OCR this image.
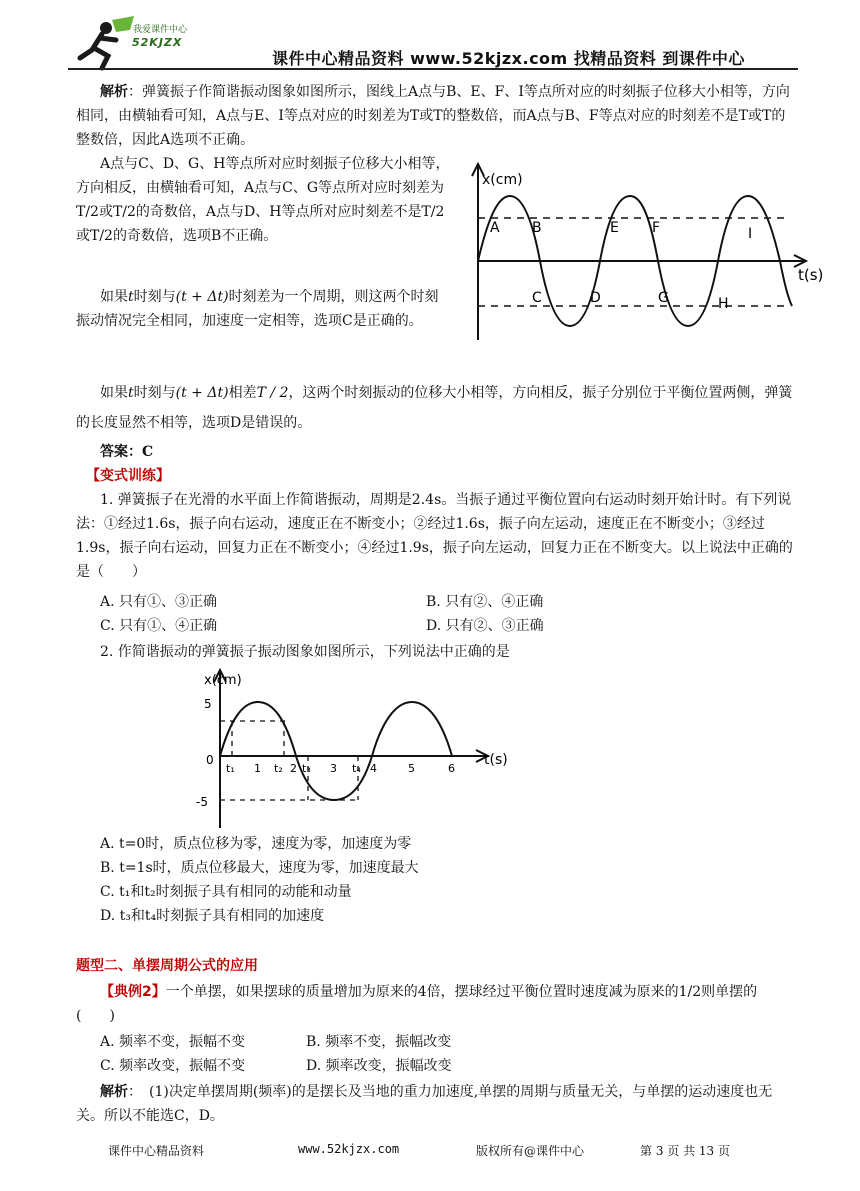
我爱课件中心
52KJZX
课件中心精品资料 www.52kjzx.com 找精品资料 到课件中心
解析：弹簧振子作简谐振动图象如图所示，图线上A点与B、E、F、I等点所对应的时刻振子位移大小相等，方向相同，由横轴看可知，A点与E、I等点对应的时刻差为T或T的整数倍，而A点与B、F等点对应的时刻差不是T或T的整数倍，因此A选项不正确。
A点与C、D、G、H等点所对应时刻振子位移大小相等，方向相反，由横轴看可知，A点与C、G等点所对应时刻差为T/2或T/2的奇数倍，A点与D、H等点所对应时刻差不是T/2或T/2的奇数倍，选项B不正确。
如果t时刻与(t + Δt)时刻差为一个周期，则这两个时刻振动情况完全相同，加速度一定相等，选项C是正确的。
x(cm)
t(s)
A B	E F	I
C	D	G	H
如果t时刻与(t + Δt)相差T / 2，这两个时刻振动的位移大小相等，方向相反，振子分别位于平衡位置两侧，弹簧的长度显然不相等，选项D是错误的。
答案：C
【变式训练】
1. 弹簧振子在光滑的水平面上作简谐振动，周期是2.4s。当振子通过平衡位置向右运动时刻开始计时。有下列说法：①经过1.6s，振子向右运动，速度正在不断变小；②经过1.6s，振子向左运动，速度正在不断变小；③经过1.9s，振子向右运动，回复力正在不断变小；④经过1.9s，振子向左运动，回复力正在不断变大。以上说法中正确的是（　　）
A. 只有①、③正确	B. 只有②、④正确
C. 只有①、④正确	D. 只有②、③正确
2. 作简谐振动的弹簧振子振动图象如图所示，下列说法中正确的是
x(cm)
t(s)
5
-5
0
t₁ 1 t₂ 2 t₃ 3 t₄ 4	5	6
A. t=0时，质点位移为零，速度为零，加速度为零
B. t=1s时，质点位移最大，速度为零，加速度最大
C. t₁和t₂时刻振子具有相同的动能和动量
D. t₃和t₄时刻振子具有相同的加速度
题型二、单摆周期公式的应用
【典例2】一个单摆，如果摆球的质量增加为原来的4倍，摆球经过平衡位置时速度减为原来的1/2则单摆的(　　)
A. 频率不变，振幅不变	B. 频率不变，振幅改变
C. 频率改变，振幅不变	D. 频率改变，振幅改变
解析：　(1)决定单摆周期(频率)的是摆长及当地的重力加速度,单摆的周期与质量无关，与单摆的运动速度也无关。所以不能选C，D。
课件中心精品资料	www.52kjzx.com	版权所有@课件中心	第 3 页 共 13 页
